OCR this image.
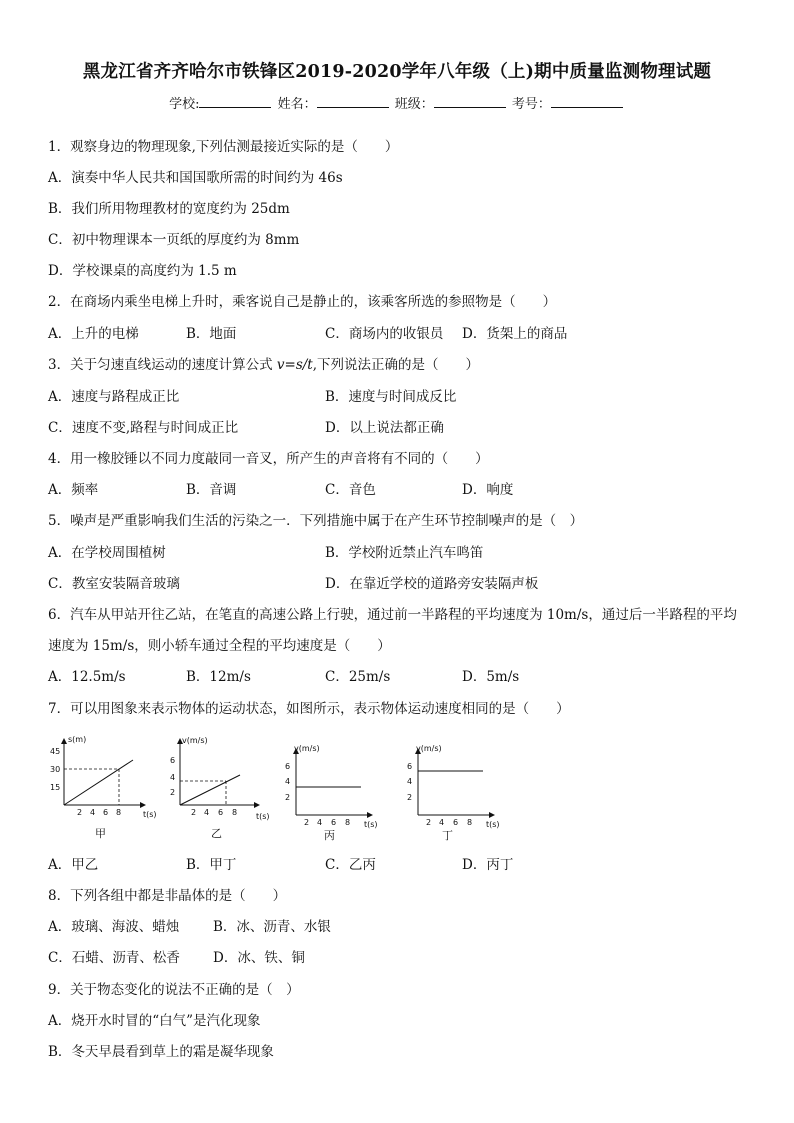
黑龙江省齐齐哈尔市铁锋区2019-2020学年八年级（上)期中质量监测物理试题
学校:	姓名：	班级：	考号：
1．观察身边的物理现象,下列估测最接近实际的是（　　）
A．演奏中华人民共和国国歌所需的时间约为 46s
B．我们所用物理教材的宽度约为 25dm
C．初中物理课本一页纸的厚度约为 8mm
D．学校课桌的高度约为 1.5 m
2．在商场内乘坐电梯上升时，乘客说自己是静止的，该乘客所选的参照物是（　　）
A．上升的电梯	B．地面	C．商场内的收银员 D．货架上的商品
3．关于匀速直线运动的速度计算公式 v=s/t,下列说法正确的是（　　）
A．速度与路程成正比	B．速度与时间成反比
C．速度不变,路程与时间成正比	D．以上说法都正确
4．用一橡胶锤以不同力度敲同一音叉，所产生的声音将有不同的（　　）
A．频率	B．音调	C．音色	D．响度
5．噪声是严重影响我们生活的污染之一．下列措施中属于在产生环节控制噪声的是（　）
A．在学校周围植树	B．学校附近禁止汽车鸣笛
C．教室安装隔音玻璃	D．在靠近学校的道路旁安装隔声板
6．汽车从甲站开往乙站，在笔直的高速公路上行驶，通过前一半路程的平均速度为 10m/s，通过后一半路程的平均
速度为 15m/s，则小轿车通过全程的平均速度是（　　）
A．12.5m/s	B．12m/s	C．25m/s	D．5m/s
7．可以用图象来表示物体的运动状态，如图所示，表示物体运动速度相同的是（　　）
s(m)
t(s)
45
30
15
2 4 6 8
甲
v(m/s)
t(s)
6
4
2
2 4 6 8
乙
v(m/s)
t(s)
6
4
2
2 4 6 8
丙
v(m/s)
t(s)
6
4
2
2 4 6 8
丁
A．甲乙	B．甲丁	C．乙丙	D．丙丁
8．下列各组中都是非晶体的是（　　）
A．玻璃、海波、蜡烛	B．冰、沥青、水银
C．石蜡、沥青、松香 D．冰、铁、铜
9．关于物态变化的说法不正确的是（　）
A．烧开水时冒的“白气”是汽化现象
B．冬天早晨看到草上的霜是凝华现象
